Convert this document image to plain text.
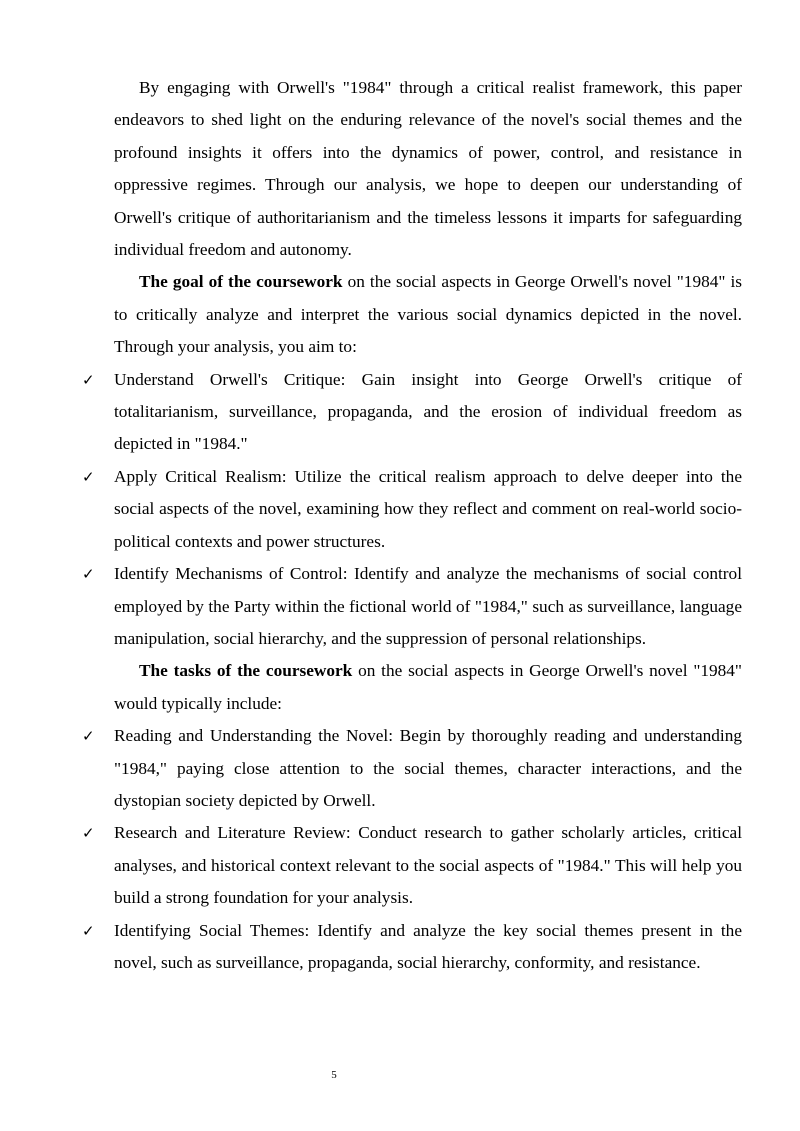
By engaging with Orwell's "1984" through a critical realist framework, this paper endeavors to shed light on the enduring relevance of the novel's social themes and the profound insights it offers into the dynamics of power, control, and resistance in oppressive regimes. Through our analysis, we hope to deepen our understanding of Orwell's critique of authoritarianism and the timeless lessons it imparts for safeguarding individual freedom and autonomy.

The goal of the coursework on the social aspects in George Orwell's novel "1984" is to critically analyze and interpret the various social dynamics depicted in the novel. Through your analysis, you aim to:

✓ Understand Orwell's Critique: Gain insight into George Orwell's critique of totalitarianism, surveillance, propaganda, and the erosion of individual freedom as depicted in "1984."
✓ Apply Critical Realism: Utilize the critical realism approach to delve deeper into the social aspects of the novel, examining how they reflect and comment on real-world socio-political contexts and power structures.
✓ Identify Mechanisms of Control: Identify and analyze the mechanisms of social control employed by the Party within the fictional world of "1984," such as surveillance, language manipulation, social hierarchy, and the suppression of personal relationships.

The tasks of the coursework on the social aspects in George Orwell's novel "1984" would typically include:

✓ Reading and Understanding the Novel: Begin by thoroughly reading and understanding "1984," paying close attention to the social themes, character interactions, and the dystopian society depicted by Orwell.
✓ Research and Literature Review: Conduct research to gather scholarly articles, critical analyses, and historical context relevant to the social aspects of "1984." This will help you build a strong foundation for your analysis.
✓ Identifying Social Themes: Identify and analyze the key social themes present in the novel, such as surveillance, propaganda, social hierarchy, conformity, and resistance.
5
